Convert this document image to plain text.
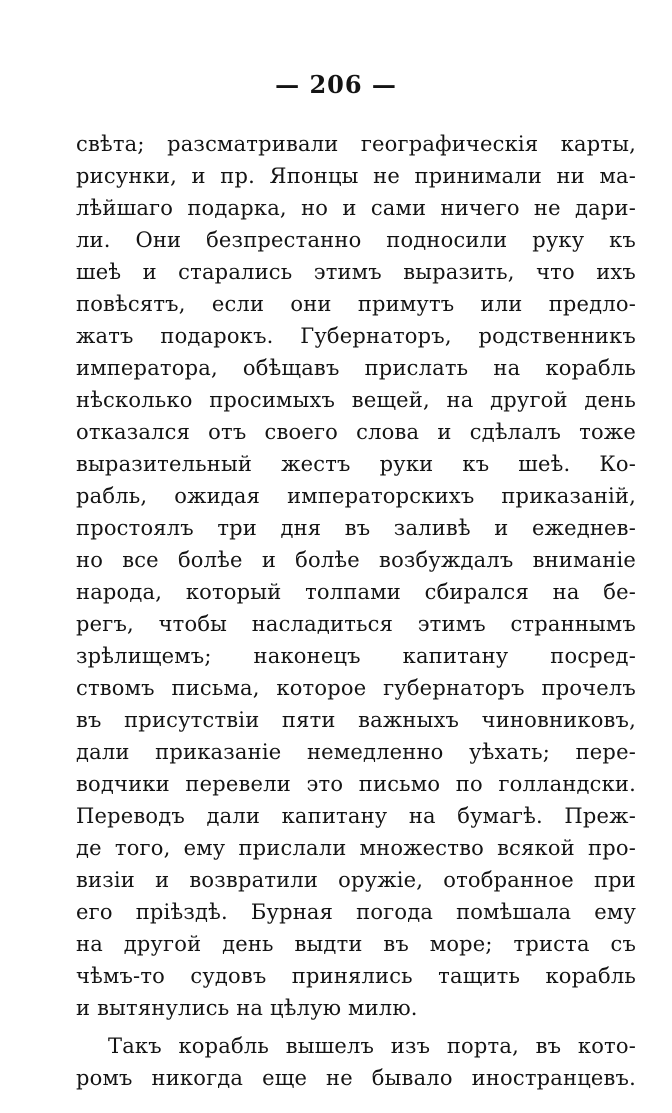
— 206 —
свѣта; разсматривали географическія карты,
рисунки, и пр. Японцы не принимали ни ма-
лѣйшаго подарка, но и сами ничего не дари-
ли. Они безпрестанно подносили руку къ
шеѣ и старались этимъ выразить, что ихъ
повѣсятъ, если они примутъ или предло-
жатъ подарокъ. Губернаторъ, родственникъ
императора, обѣщавъ прислать на корабль
нѣсколько просимыхъ вещей, на другой день
отказался отъ своего слова и сдѣлалъ тоже
выразительный жестъ руки къ шеѣ. Ко-
рабль, ожидая императорскихъ приказаній,
простоялъ три дня въ заливѣ и ежеднев-
но все болѣе и болѣе возбуждалъ вниманіе
народа, который толпами сбирался на бе-
регъ, чтобы насладиться этимъ страннымъ
зрѣлищемъ; наконецъ капитану посред-
ствомъ письма, которое губернаторъ прочелъ
въ присутствіи пяти важныхъ чиновниковъ,
дали приказаніе немедленно уѣхать; пере-
водчики перевели это письмо по голландски.
Переводъ дали капитану на бумагѣ. Преж-
де того, ему прислали множество всякой про-
визіи и возвратили оружіе, отобранное при
его пріѣздѣ. Бурная погода помѣшала ему
на другой день выдти въ море; триста съ
чѣмъ-то судовъ принялись тащить корабль
и вытянулись на цѣлую милю.
Такъ корабль вышелъ изъ порта, въ кото-
ромъ никогда еще не бывало иностранцевъ.
